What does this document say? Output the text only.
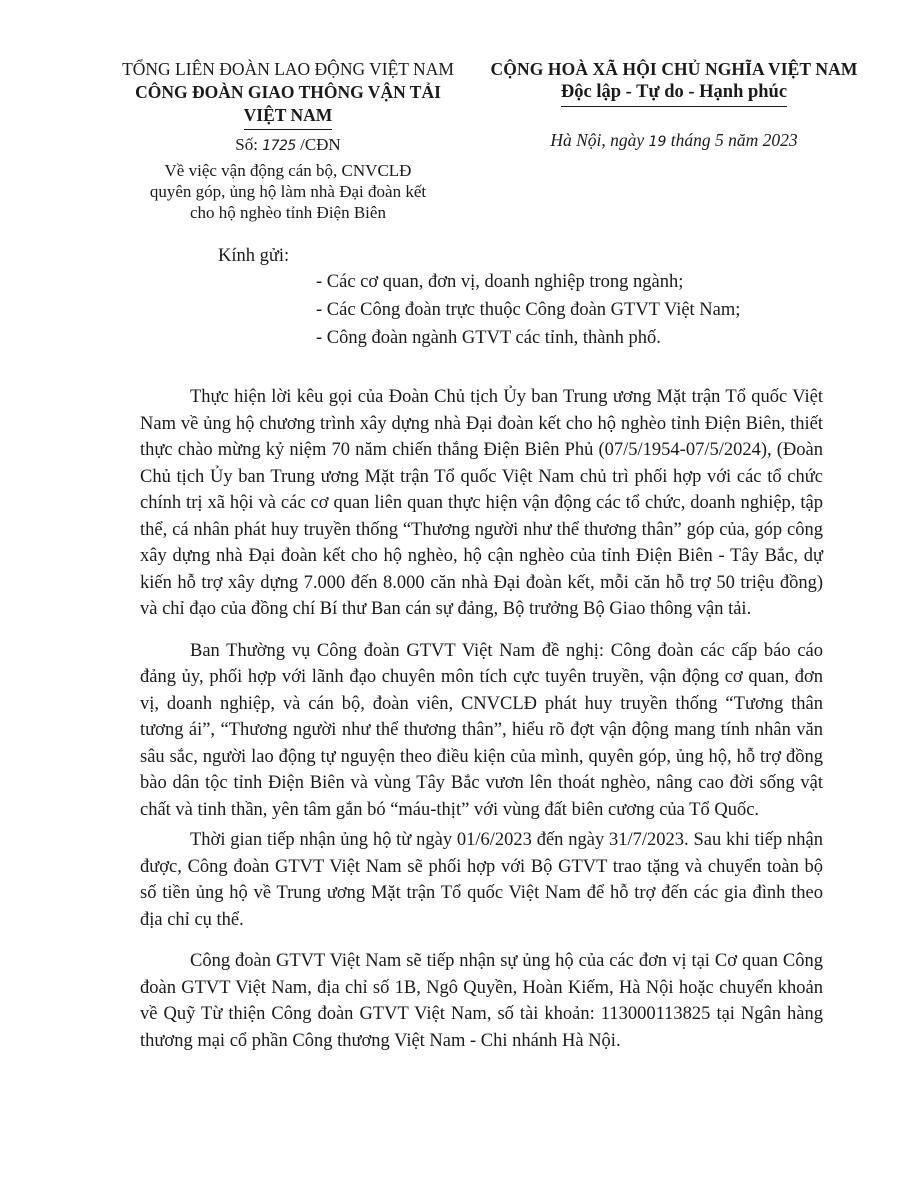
TỔNG LIÊN ĐOÀN LAO ĐỘNG VIỆT NAM
CÔNG ĐOÀN GIAO THÔNG VẬN TẢI
VIỆT NAM
CỘNG HOÀ XÃ HỘI CHỦ NGHĨA VIỆT NAM
Độc lập - Tự do - Hạnh phúc
Số: 1725 /CĐN
Về việc vận động cán bộ, CNVCLĐ
quyên góp, ủng hộ làm nhà Đại đoàn kết
cho hộ nghèo tỉnh Điện Biên
Hà Nội, ngày 19 tháng 5 năm 2023
Kính gửi:
- Các cơ quan, đơn vị, doanh nghiệp trong ngành;
- Các Công đoàn trực thuộc Công đoàn GTVT Việt Nam;
- Công đoàn ngành GTVT các tỉnh, thành phố.

Thực hiện lời kêu gọi của Đoàn Chủ tịch Ủy ban Trung ương Mặt trận Tổ quốc Việt Nam về ủng hộ chương trình xây dựng nhà Đại đoàn kết cho hộ nghèo tỉnh Điện Biên, thiết thực chào mừng kỷ niệm 70 năm chiến thắng Điện Biên Phủ (07/5/1954-07/5/2024), (Đoàn Chủ tịch Ủy ban Trung ương Mặt trận Tổ quốc Việt Nam chủ trì phối hợp với các tổ chức chính trị xã hội và các cơ quan liên quan thực hiện vận động các tổ chức, doanh nghiệp, tập thể, cá nhân phát huy truyền thống “Thương người như thể thương thân” góp của, góp công xây dựng nhà Đại đoàn kết cho hộ nghèo, hộ cận nghèo của tỉnh Điện Biên - Tây Bắc, dự kiến hỗ trợ xây dựng 7.000 đến 8.000 căn nhà Đại đoàn kết, mỗi căn hỗ trợ 50 triệu đồng) và chỉ đạo của đồng chí Bí thư Ban cán sự đảng, Bộ trưởng Bộ Giao thông vận tải.

Ban Thường vụ Công đoàn GTVT Việt Nam đề nghị: Công đoàn các cấp báo cáo đảng ủy, phối hợp với lãnh đạo chuyên môn tích cực tuyên truyền, vận động cơ quan, đơn vị, doanh nghiệp, và cán bộ, đoàn viên, CNVCLĐ phát huy truyền thống “Tương thân tương ái”, “Thương người như thể thương thân”, hiểu rõ đợt vận động mang tính nhân văn sâu sắc, người lao động tự nguyện theo điều kiện của mình, quyên góp, ủng hộ, hỗ trợ đồng bào dân tộc tỉnh Điện Biên và vùng Tây Bắc vươn lên thoát nghèo, nâng cao đời sống vật chất và tinh thần, yên tâm gắn bó “máu-thịt” với vùng đất biên cương của Tổ Quốc.

Thời gian tiếp nhận ủng hộ từ ngày 01/6/2023 đến ngày 31/7/2023. Sau khi tiếp nhận được, Công đoàn GTVT Việt Nam sẽ phối hợp với Bộ GTVT trao tặng và chuyển toàn bộ số tiền ủng hộ về Trung ương Mặt trận Tổ quốc Việt Nam để hỗ trợ đến các gia đình theo địa chỉ cụ thể.

Công đoàn GTVT Việt Nam sẽ tiếp nhận sự ủng hộ của các đơn vị tại Cơ quan Công đoàn GTVT Việt Nam, địa chỉ số 1B, Ngô Quyền, Hoàn Kiếm, Hà Nội hoặc chuyển khoản về Quỹ Từ thiện Công đoàn GTVT Việt Nam, số tài khoản: 113000113825 tại Ngân hàng thương mại cổ phần Công thương Việt Nam - Chi nhánh Hà Nội.
